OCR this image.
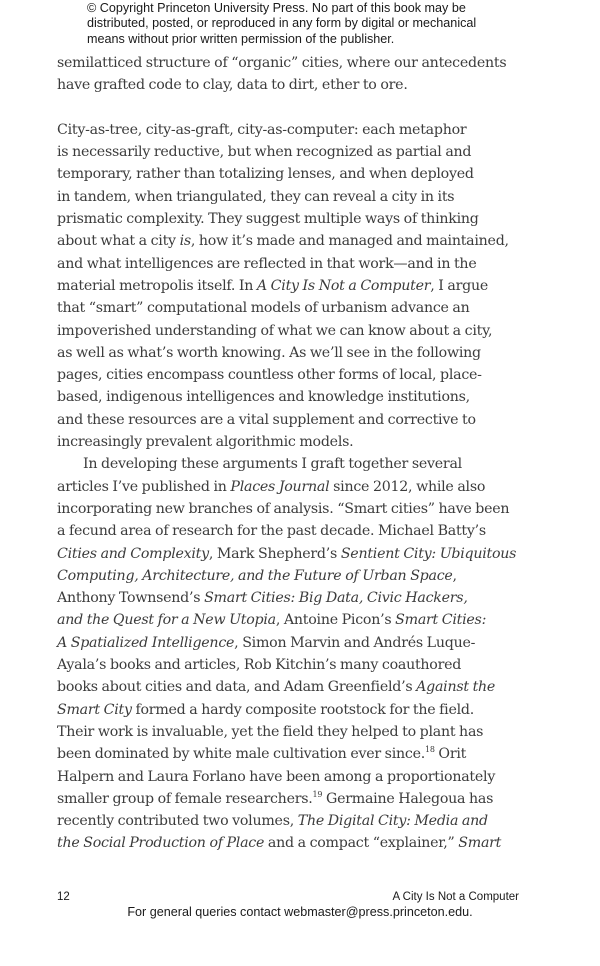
© Copyright Princeton University Press. No part of this book may be
distributed, posted, or reproduced in any form by digital or mechanical
means without prior written permission of the publisher.
semilatticed structure of “organic” cities, where our antecedents
have grafted code to clay, data to dirt, ether to ore.
City-as-tree, city-as-graft, city-as-computer: each metaphor
is necessarily reductive, but when recognized as partial and
temporary, rather than totalizing lenses, and when deployed
in tandem, when triangulated, they can reveal a city in its
prismatic complexity. They suggest multiple ways of thinking
about what a city is, how it’s made and managed and maintained,
and what intelligences are reflected in that work—and in the
material metropolis itself. In A City Is Not a Computer, I argue
that “smart” computational models of urbanism advance an
impoverished understanding of what we can know about a city,
as well as what’s worth knowing. As we’ll see in the following
pages, cities encompass countless other forms of local, place-
based, indigenous intelligences and knowledge institutions,
and these resources are a vital supplement and corrective to
increasingly prevalent algorithmic models.
In developing these arguments I graft together several
articles I’ve published in Places Journal since 2012, while also
incorporating new branches of analysis. “Smart cities” have been
a fecund area of research for the past decade. Michael Batty’s
Cities and Complexity, Mark Shepherd’s Sentient City: Ubiquitous
Computing, Architecture, and the Future of Urban Space,
Anthony Townsend’s Smart Cities: Big Data, Civic Hackers,
and the Quest for a New Utopia, Antoine Picon’s Smart Cities:
A Spatialized Intelligence, Simon Marvin and Andrés Luque-
Ayala’s books and articles, Rob Kitchin’s many coauthored
books about cities and data, and Adam Greenfield’s Against the
Smart City formed a hardy composite rootstock for the field.
Their work is invaluable, yet the field they helped to plant has
been dominated by white male cultivation ever since.$^{18}$ Orit
Halpern and Laura Forlano have been among a proportionately
smaller group of female researchers.$^{19}$ Germaine Halegoua has
recently contributed two volumes, The Digital City: Media and
the Social Production of Place and a compact “explainer,” Smart
12	A City Is Not a Computer
For general queries contact webmaster@press.princeton.edu.
